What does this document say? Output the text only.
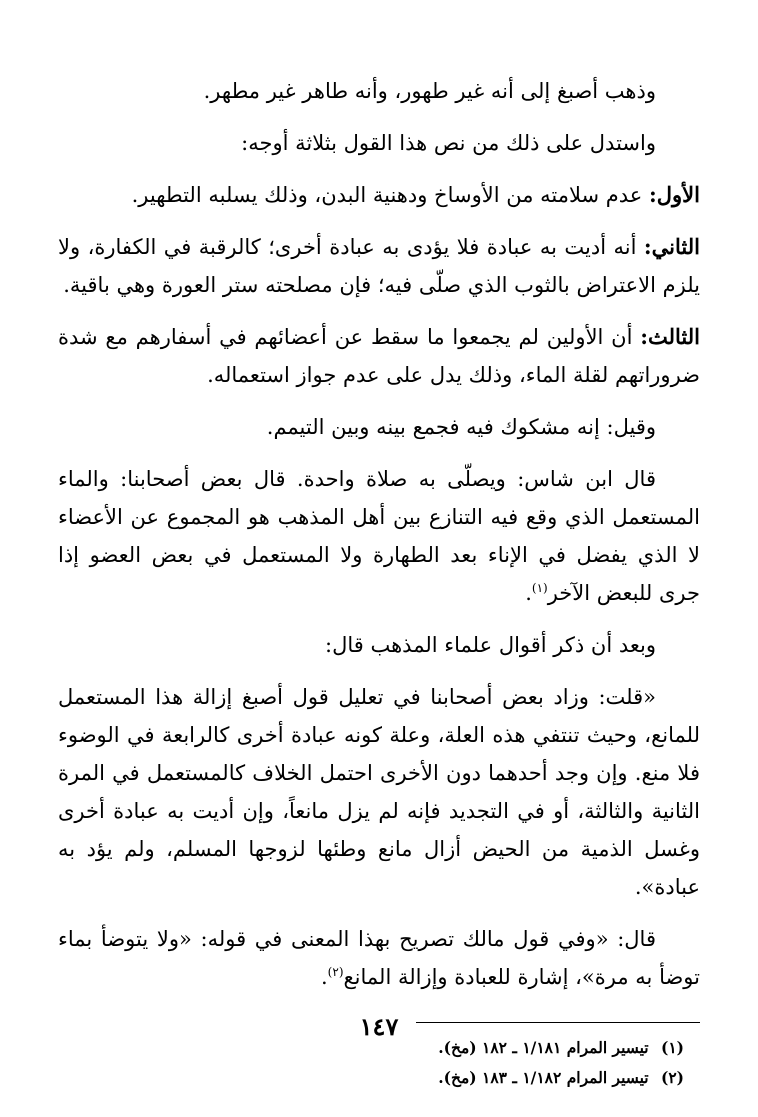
وذهب أصبغ إلى أنه غير طهور، وأنه طاهر غير مطهر.

واستدل على ذلك من نص هذا القول بثلاثة أوجه:

الأول: عدم سلامته من الأوساخ ودهنية البدن، وذلك يسلبه التطهير.

الثاني: أنه أديت به عبادة فلا يؤدى به عبادة أخرى؛ كالرقبة في الكفارة، ولا يلزم الاعتراض بالثوب الذي صلّى فيه؛ فإن مصلحته ستر العورة وهي باقية.

الثالث: أن الأولين لم يجمعوا ما سقط عن أعضائهم في أسفارهم مع شدة ضروراتهم لقلة الماء، وذلك يدل على عدم جواز استعماله.

وقيل: إنه مشكوك فيه فجمع بينه وبين التيمم.

قال ابن شاس: ويصلّى به صلاة واحدة. قال بعض أصحابنا: والماء المستعمل الذي وقع فيه التنازع بين أهل المذهب هو المجموع عن الأعضاء لا الذي يفضل في الإناء بعد الطهارة ولا المستعمل في بعض العضو إذا جرى للبعض الآخر$^{(١)}$.

وبعد أن ذكر أقوال علماء المذهب قال:

«قلت: وزاد بعض أصحابنا في تعليل قول أصبغ إزالة هذا المستعمل للمانع، وحيث تنتفي هذه العلة، وعلة كونه عبادة أخرى كالرابعة في الوضوء فلا منع. وإن وجد أحدهما دون الأخرى احتمل الخلاف كالمستعمل في المرة الثانية والثالثة، أو في التجديد فإنه لم يزل مانعاً، وإن أديت به عبادة أخرى وغسل الذمية من الحيض أزال مانع وطئها لزوجها المسلم، ولم يؤد به عبادة».

قال: «وفي قول مالك تصريح بهذا المعنى في قوله: «ولا يتوضأ بماء توضأ به مرة»، إشارة للعبادة وإزالة المانع$^{(٢)}$.

(١) تيسير المرام ١/١٨١ ـ ١٨٢ (مخ).
(٢) تيسير المرام ١/١٨٢ ـ ١٨٣ (مخ).
١٤٧
